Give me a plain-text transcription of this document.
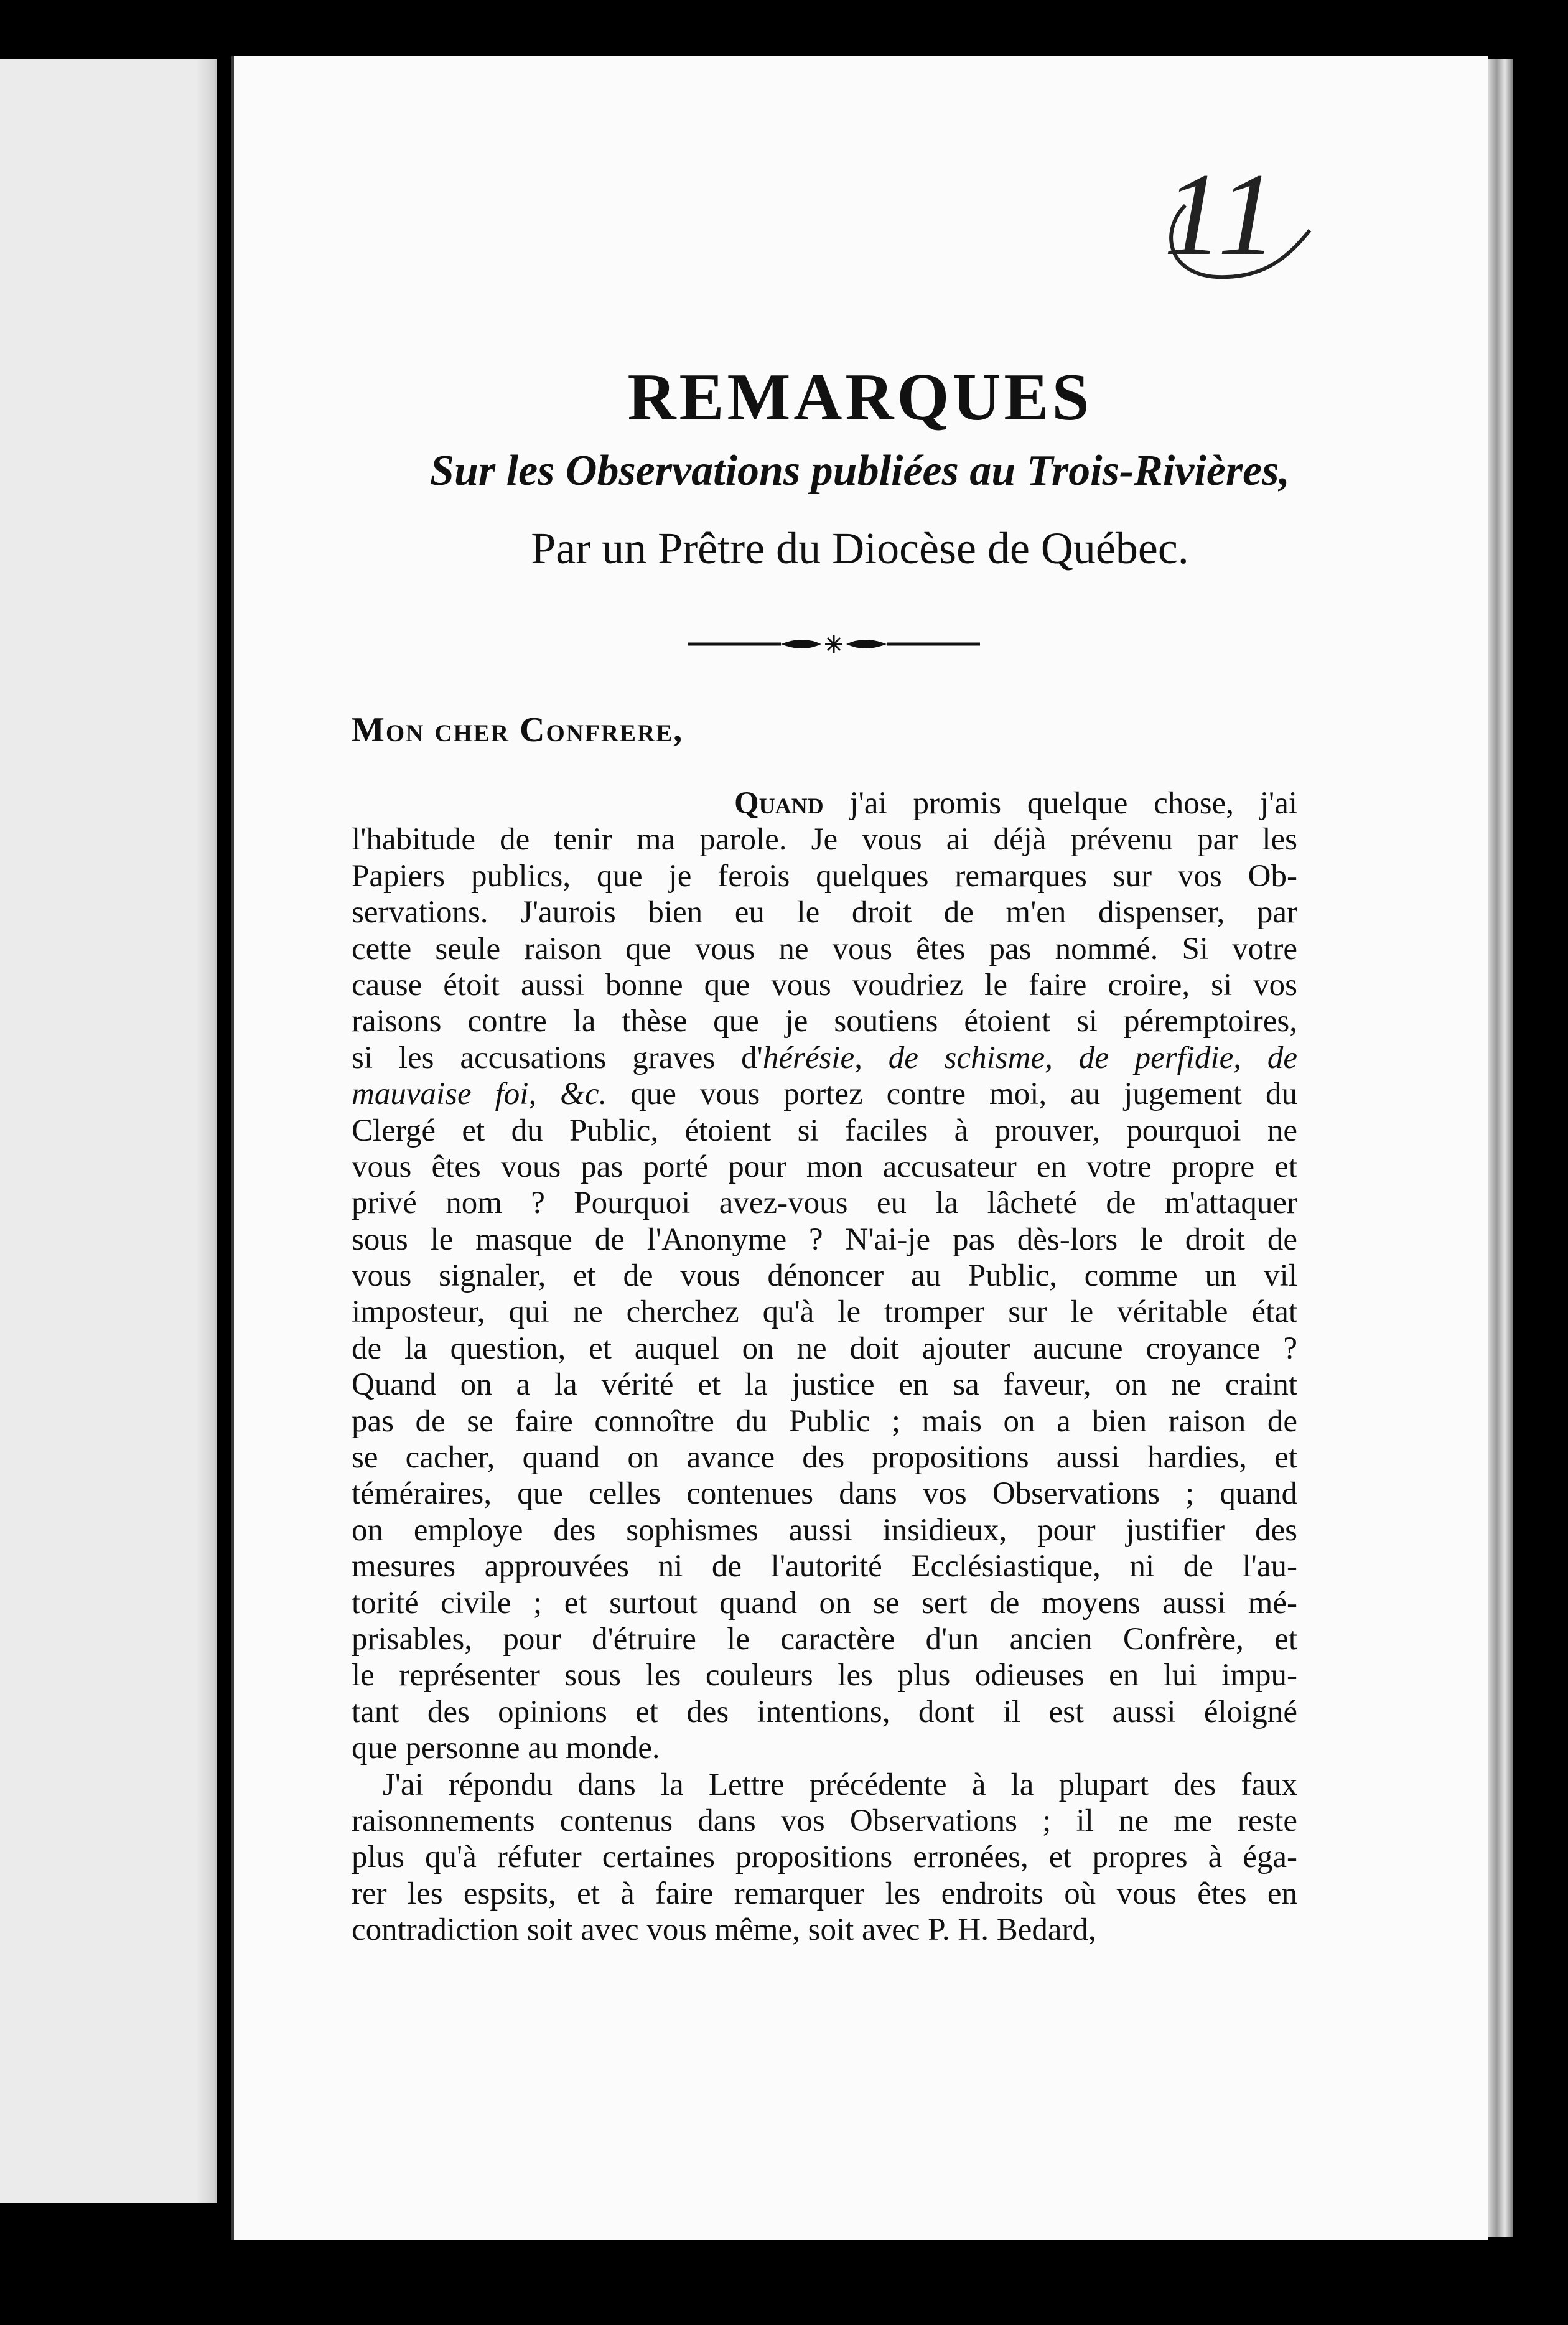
11
REMARQUES
Sur les Observations publiées au Trois-Rivières,
Par un Prêtre du Diocèse de Québec.
Mon cher Confrere,
Quand j'ai promis quelque chose, j'ai
l'habitude de tenir ma parole. Je vous ai déjà prévenu par les
Papiers publics, que je ferois quelques remarques sur vos Ob-
servations. J'aurois bien eu le droit de m'en dispenser, par
cette seule raison que vous ne vous êtes pas nommé. Si votre
cause étoit aussi bonne que vous voudriez le faire croire, si vos
raisons contre la thèse que je soutiens étoient si péremptoires,
si les accusations graves d'hérésie, de schisme, de perfidie, de
mauvaise foi, &c. que vous portez contre moi, au jugement du
Clergé et du Public, étoient si faciles à prouver, pourquoi ne
vous êtes vous pas porté pour mon accusateur en votre propre et
privé nom ? Pourquoi avez-vous eu la lâcheté de m'attaquer
sous le masque de l'Anonyme ? N'ai-je pas dès-lors le droit de
vous signaler, et de vous dénoncer au Public, comme un vil
imposteur, qui ne cherchez qu'à le tromper sur le véritable état
de la question, et auquel on ne doit ajouter aucune croyance ?
Quand on a la vérité et la justice en sa faveur, on ne craint
pas de se faire connoître du Public ; mais on a bien raison de
se cacher, quand on avance des propositions aussi hardies, et
téméraires, que celles contenues dans vos Observations ; quand
on employe des sophismes aussi insidieux, pour justifier des
mesures approuvées ni de l'autorité Ecclésiastique, ni de l'au-
torité civile ; et surtout quand on se sert de moyens aussi mé-
prisables, pour d'étruire le caractère d'un ancien Confrère, et
le représenter sous les couleurs les plus odieuses en lui impu-
tant des opinions et des intentions, dont il est aussi éloigné
que personne au monde.
J'ai répondu dans la Lettre précédente à la plupart des faux
raisonnements contenus dans vos Observations ; il ne me reste
plus qu'à réfuter certaines propositions erronées, et propres à éga-
rer les espsits, et à faire remarquer les endroits où vous êtes en
contradiction soit avec vous même, soit avec P. H. Bedard,
